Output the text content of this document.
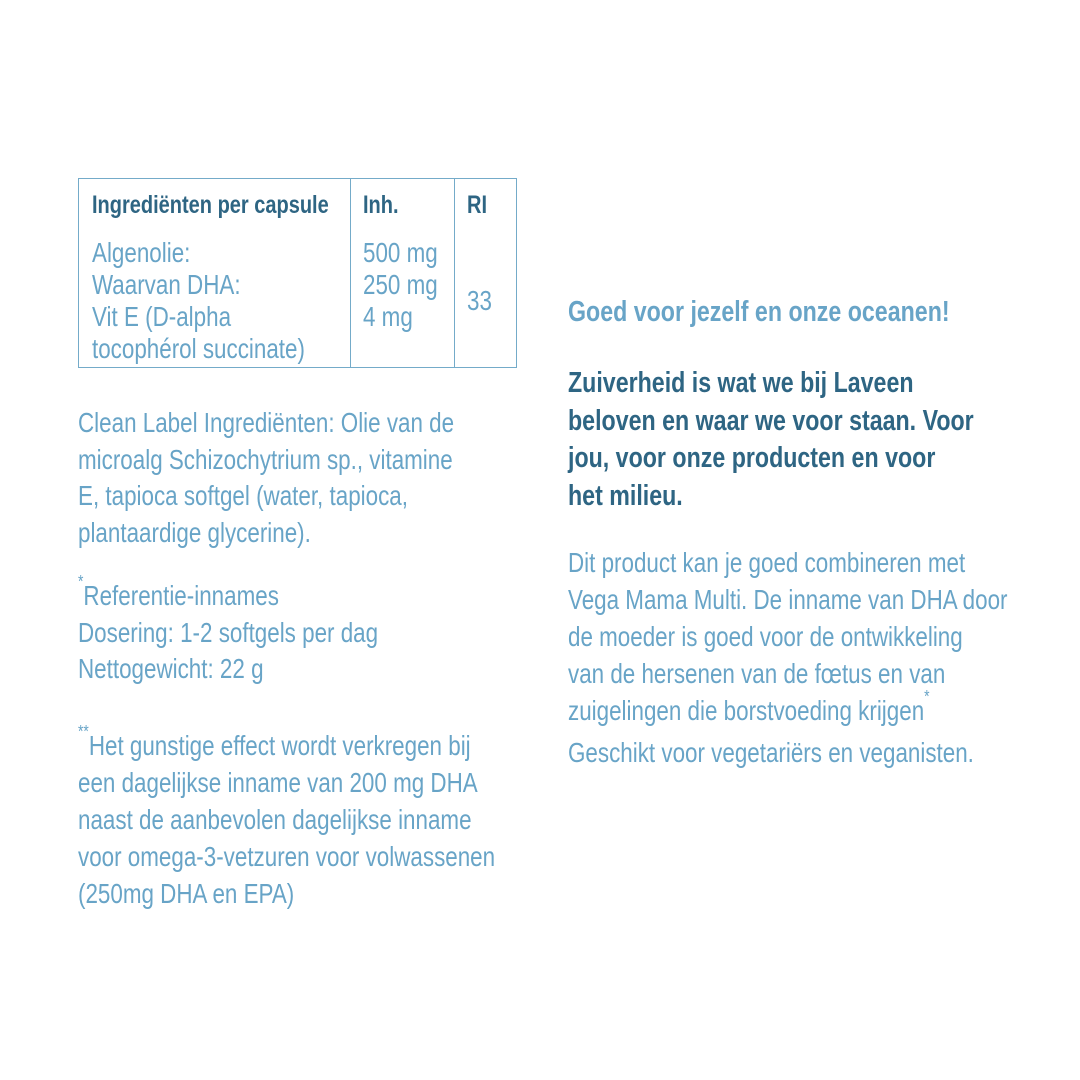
Ingrediënten per capsule
Algenolie:
Waarvan DHA:
Vit E (D-alpha tocophérol succinate)
Inh.
500 mg
250 mg
4 mg
RI
33
Clean Label Ingrediënten: Olie van de
microalg Schizochytrium sp., vitamine
E, tapioca softgel (water, tapioca,
plantaardige glycerine).
*Referentie-innames
Dosering: 1-2 softgels per dag
Nettogewicht: 22 g
**Het gunstige effect wordt verkregen bij
een dagelijkse inname van 200 mg DHA
naast de aanbevolen dagelijkse inname
voor omega-3-vetzuren voor volwassenen
(250mg DHA en EPA)
Goed voor jezelf en onze oceanen!
Zuiverheid is wat we bij Laveen
beloven en waar we voor staan. Voor
jou, voor onze producten en voor
het milieu.
Dit product kan je goed combineren met
Vega Mama Multi. De inname van DHA door
de moeder is goed voor de ontwikkeling
van de hersenen van de fœtus en van
zuigelingen die borstvoeding krijgen*
Geschikt voor vegetariërs en veganisten.
